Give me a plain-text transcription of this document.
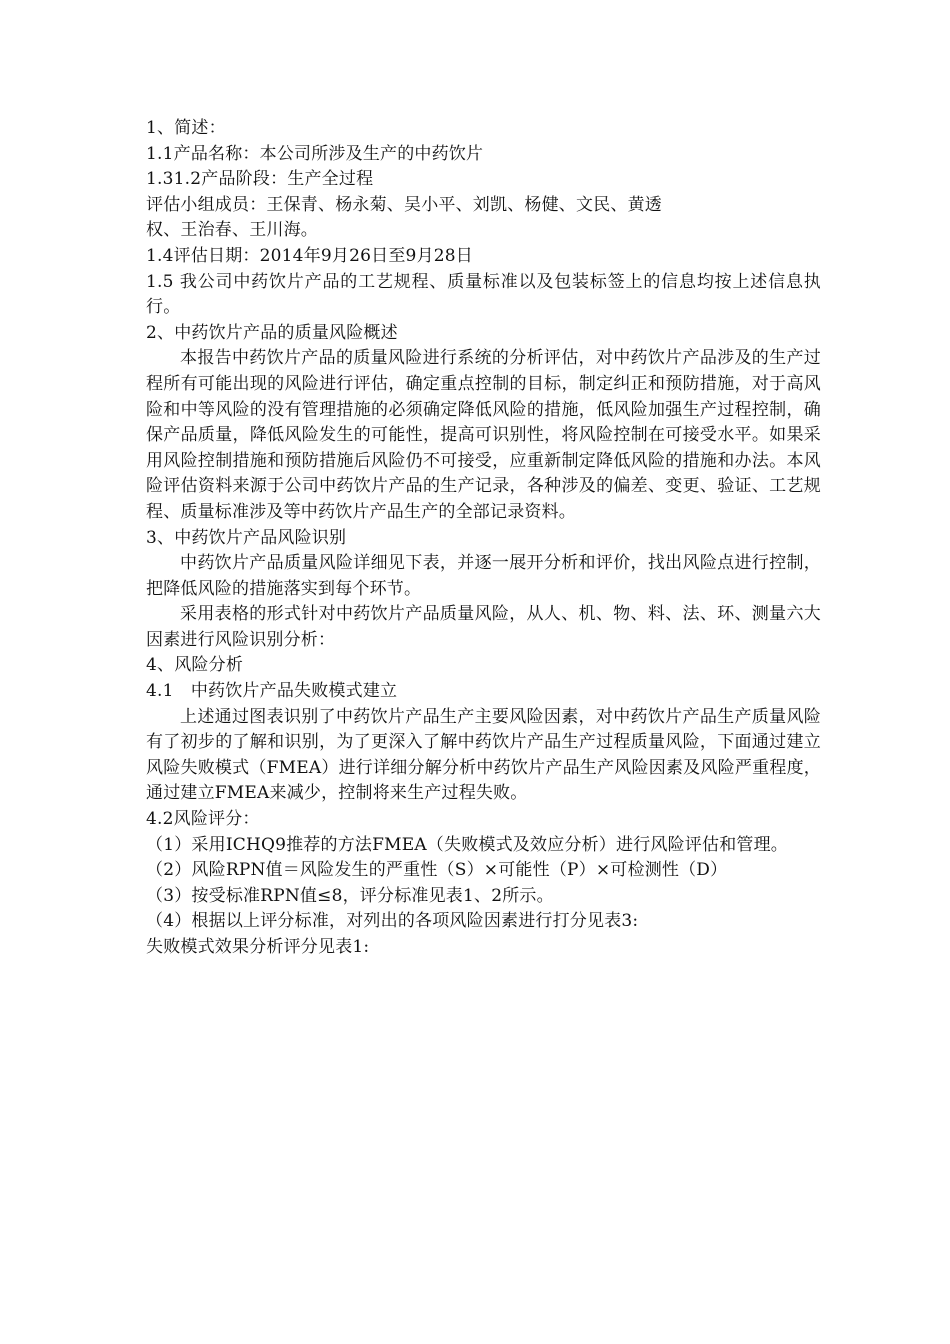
1、简述：
1.1产品名称：本公司所涉及生产的中药饮片
1.31.2产品阶段：生产全过程
评估小组成员：王保青、杨永菊、吴小平、刘凯、杨健、文民、黄透
权、王治春、王川海。
1.4评估日期：2014年9月26日至9月28日
1.5 我公司中药饮片产品的工艺规程、质量标准以及包装标签上的信息均按上述信息执行。
2、中药饮片产品的质量风险概述
本报告中药饮片产品的质量风险进行系统的分析评估，对中药饮片产品涉及的生产过程所有可能出现的风险进行评估，确定重点控制的目标，制定纠正和预防措施，对于高风险和中等风险的没有管理措施的必须确定降低风险的措施，低风险加强生产过程控制，确保产品质量，降低风险发生的可能性，提高可识别性，将风险控制在可接受水平。如果采用风险控制措施和预防措施后风险仍不可接受，应重新制定降低风险的措施和办法。本风险评估资料来源于公司中药饮片产品的生产记录，各种涉及的偏差、变更、验证、工艺规程、质量标准涉及等中药饮片产品生产的全部记录资料。
3、中药饮片产品风险识别
中药饮片产品质量风险详细见下表，并逐一展开分析和评价，找出风险点进行控制，把降低风险的措施落实到每个环节。
采用表格的形式针对中药饮片产品质量风险，从人、机、物、料、法、环、测量六大因素进行风险识别分析：
4、风险分析
4.1　中药饮片产品失败模式建立
上述通过图表识别了中药饮片产品生产主要风险因素，对中药饮片产品生产质量风险有了初步的了解和识别，为了更深入了解中药饮片产品生产过程质量风险，下面通过建立风险失败模式（FMEA）进行详细分解分析中药饮片产品生产风险因素及风险严重程度，通过建立FMEA来减少，控制将来生产过程失败。
4.2风险评分：
（1）采用ICHQ9推荐的方法FMEA（失败模式及效应分析）进行风险评估和管理。
（2）风险RPN值＝风险发生的严重性（S）×可能性（P）×可检测性（D）
（3）按受标准RPN值≤8，评分标准见表1、2所示。
（4）根据以上评分标准，对列出的各项风险因素进行打分见表3:
失败模式效果分析评分见表1:
